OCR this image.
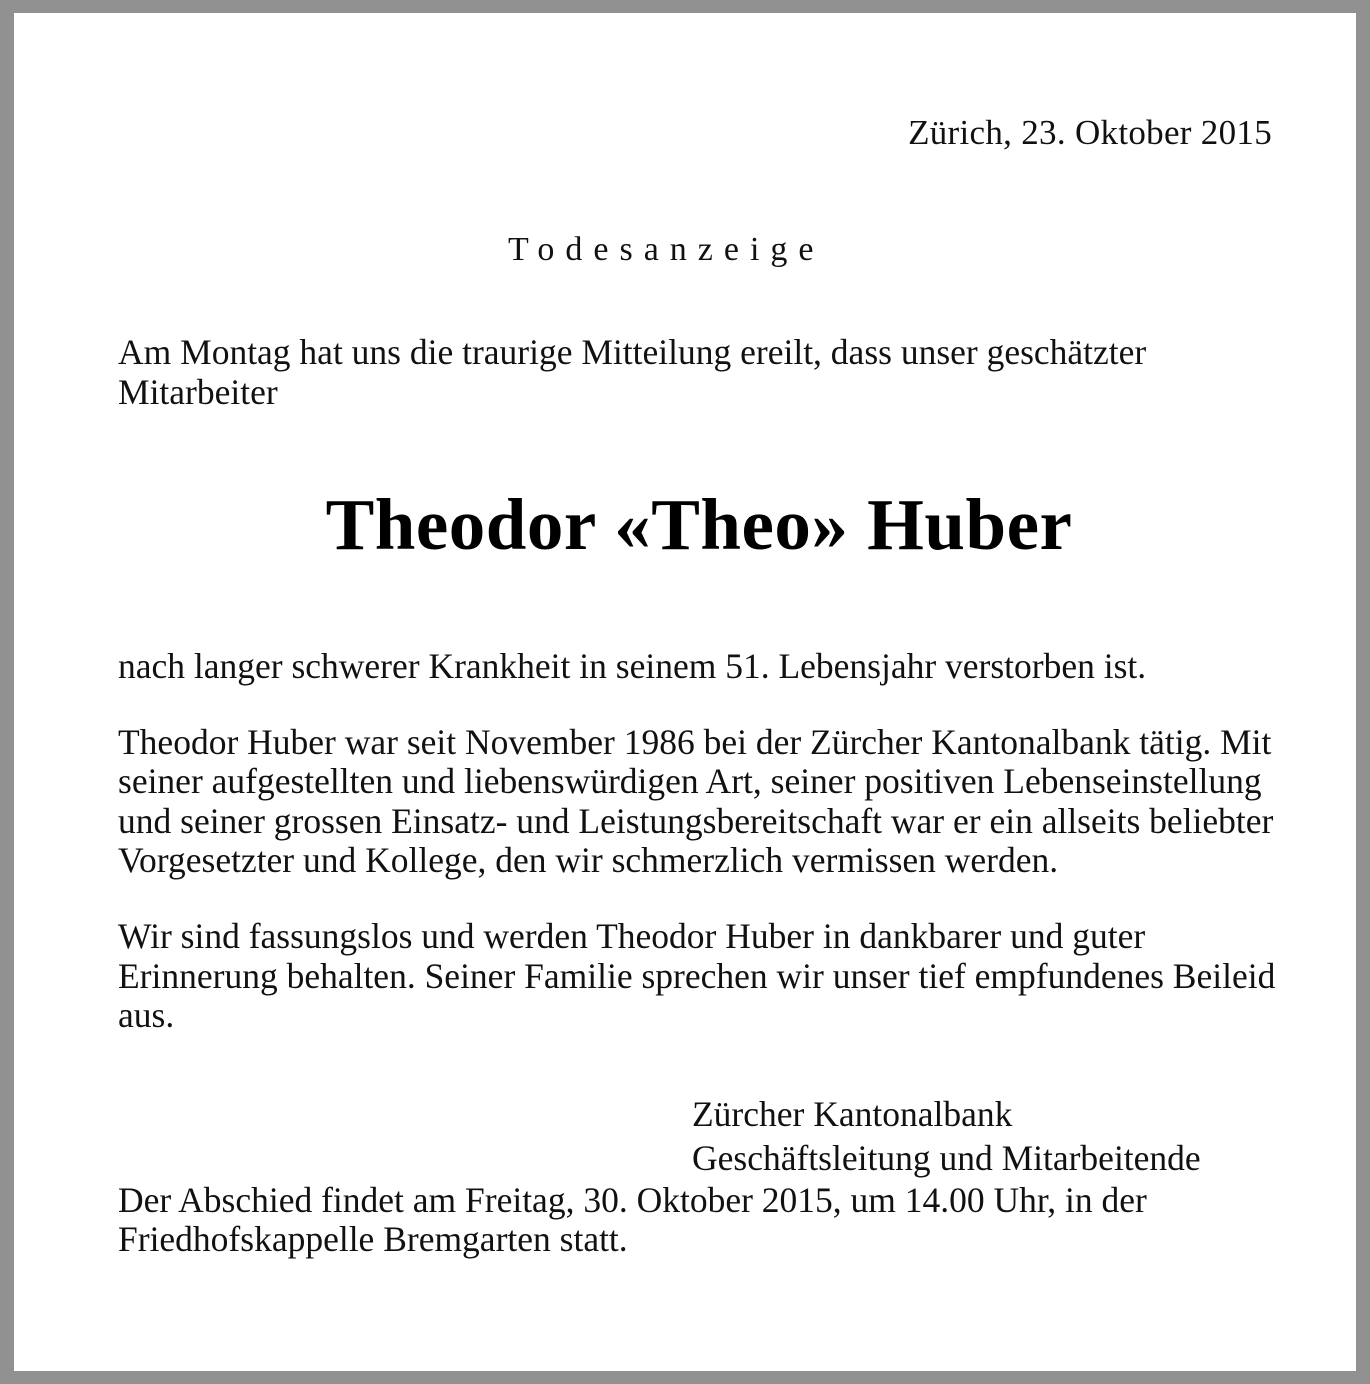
Zürich, 23. Oktober 2015
Todesanzeige

Am Montag hat uns die traurige Mitteilung ereilt, dass unser geschätzter Mitarbeiter

Theodor «Theo» Huber

nach langer schwerer Krankheit in seinem 51. Lebensjahr verstorben ist.

Theodor Huber war seit November 1986 bei der Zürcher Kantonalbank tätig. Mit seiner aufgestellten und liebenswürdigen Art, seiner positiven Lebenseinstellung und seiner grossen Einsatz- und Leistungsbereitschaft war er ein allseits beliebter Vorgesetzter und Kollege, den wir schmerzlich vermissen werden.

Wir sind fassungslos und werden Theodor Huber in dankbarer und guter Erinnerung behalten. Seiner Familie sprechen wir unser tief empfundenes Beileid aus.

Zürcher Kantonalbank
Geschäftsleitung und Mitarbeitende

Der Abschied findet am Freitag, 30. Oktober 2015, um 14.00 Uhr, in der Friedhofskappelle Bremgarten statt.
